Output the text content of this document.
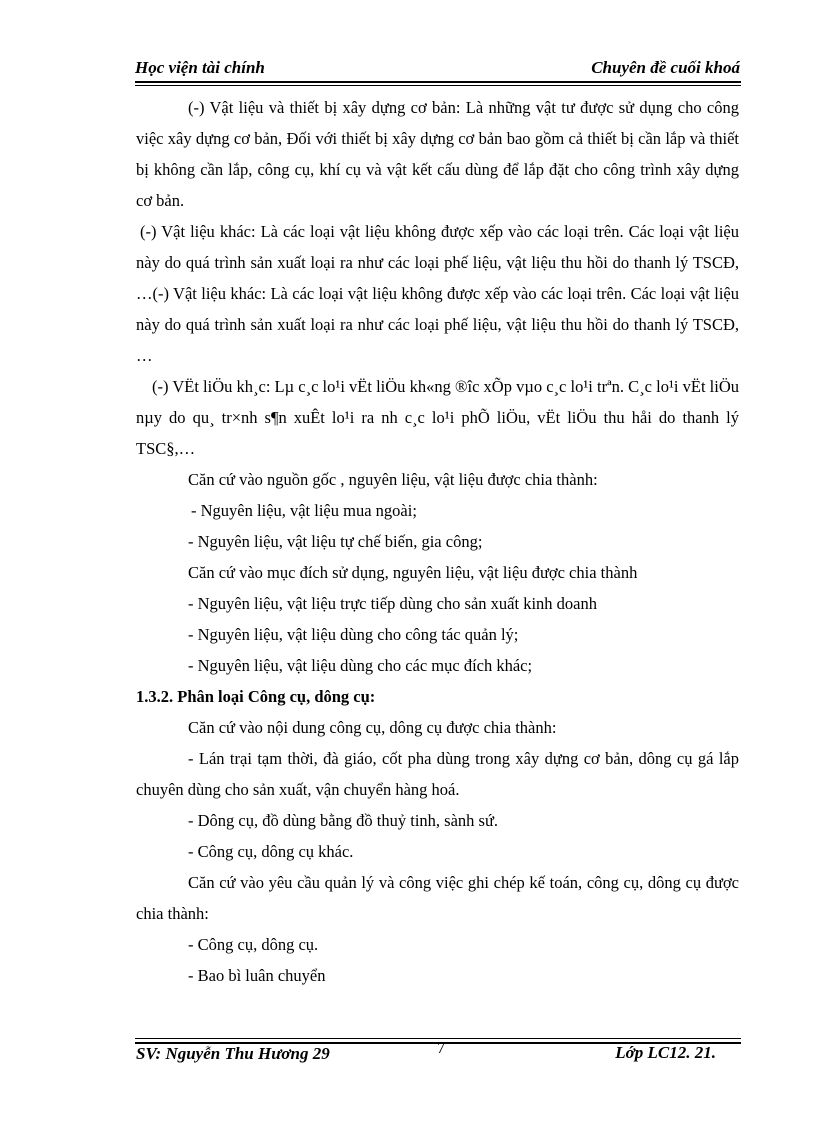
Học viện tài chính	Chuyên đề cuối khoá

(-) Vật liệu và thiết bị xây dựng cơ bản: Là những vật tư được sử dụng cho công việc xây dựng cơ bản, Đối với thiết bị xây dựng cơ bản bao gồm cả thiết bị cần lắp và thiết bị không cần lắp, công cụ, khí cụ và vật kết cấu dùng để lắp đặt cho công trình xây dựng cơ bản.

(-) Vật liệu khác: Là các loại vật liệu không được xếp vào các loại trên. Các loại vật liệu này do quá trình sản xuất loại ra như các loại phế liệu, vật liệu thu hồi do thanh lý TSCĐ, …(-) Vật liệu khác: Là các loại vật liệu không được xếp vào các loại trên. Các loại vật liệu này do quá trình sản xuất loại ra như các loại phế liệu, vật liệu thu hồi do thanh lý TSCĐ, …

(-) VËt liÖu kh¸c: Lµ c¸c lo¹i vËt liÖu kh«ng ®îc xÕp vµo c¸c lo¹i trªn. C¸c lo¹i vËt liÖu nµy do qu¸ tr×nh s¶n xuÊt lo¹i ra nh c¸c lo¹i phÕ liÖu, vËt liÖu thu håi do thanh lý TSC§,…

Căn cứ vào nguồn gốc , nguyên liệu, vật liệu được chia thành:

- Nguyên liệu, vật liệu mua ngoài;

- Nguyên liệu, vật liệu tự chế biến, gia công;

Căn cứ vào mục đích sử dụng, nguyên liệu, vật liệu được chia thành

- Nguyên liệu, vật liệu trực tiếp dùng cho sản xuất kinh doanh

- Nguyên liệu, vật liệu dùng cho công tác quản lý;

- Nguyên liệu, vật liệu dùng cho các mục đích khác;

1.3.2. Phân loại Công cụ, dông cụ:

Căn cứ vào nội dung công cụ, dông cụ được chia thành:

- Lán trại tạm thời, đà giáo, cốt pha dùng trong xây dựng cơ bản, dông cụ gá lắp chuyên dùng cho sản xuất, vận chuyển hàng hoá.

- Dông cụ, đồ dùng bằng đồ thuỷ tinh, sành sứ.

- Công cụ, dông cụ khác.

Căn cứ vào yêu cầu quản lý và công việc ghi chép kế toán, công cụ, dông cụ được chia thành:

- Công cụ, dông cụ.

- Bao bì luân chuyển

SV: Nguyễn Thu Hương 29	7	Lớp LC12. 21.
